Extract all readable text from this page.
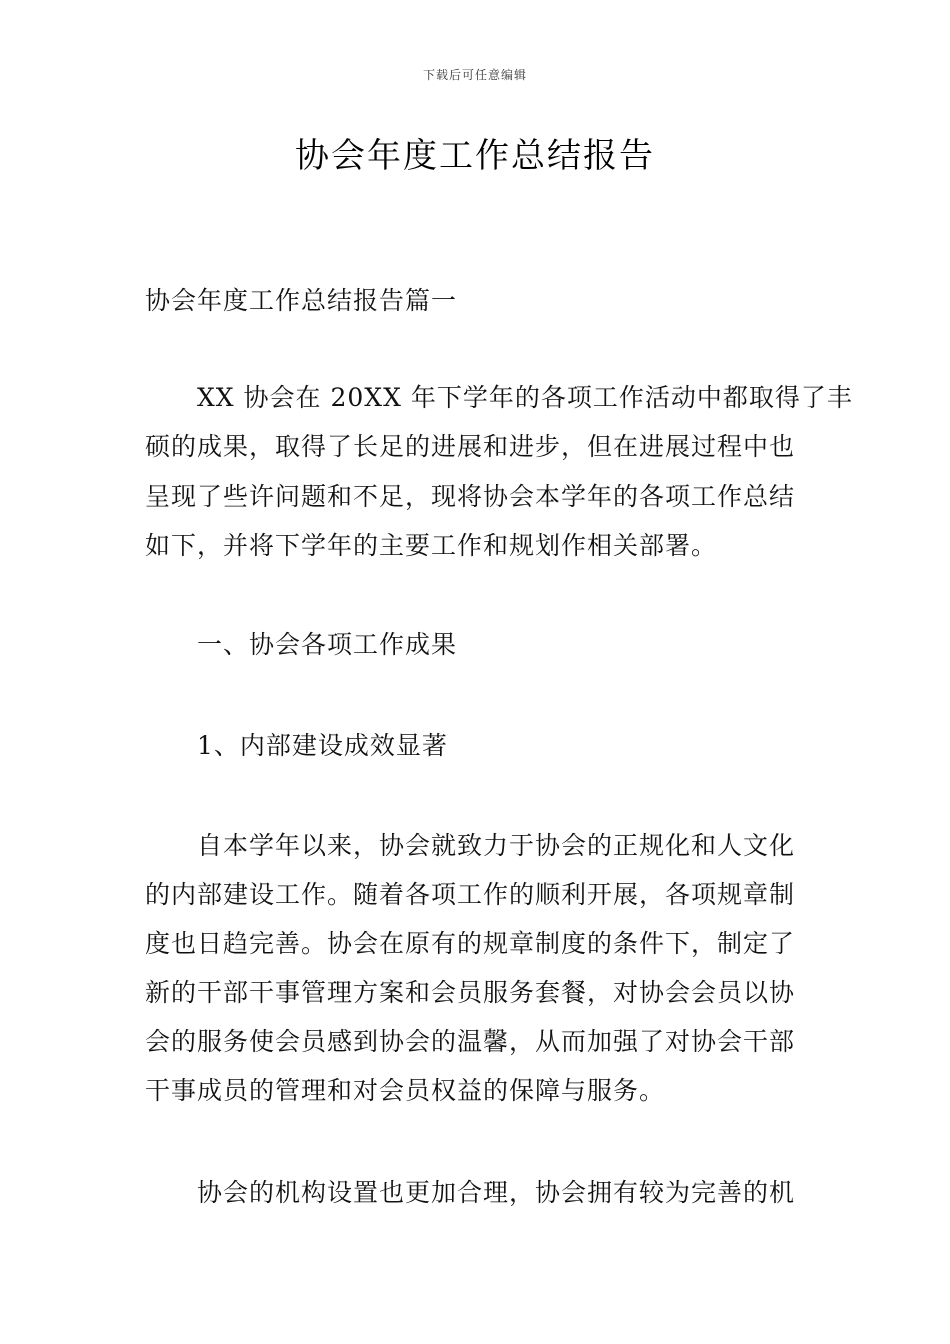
下载后可任意编辑
协会年度工作总结报告
协会年度工作总结报告篇一
XX 协会在 20XX 年下学年的各项工作活动中都取得了丰
硕的成果，取得了长足的进展和进步，但在进展过程中也
呈现了些许问题和不足，现将协会本学年的各项工作总结
如下，并将下学年的主要工作和规划作相关部署。
一、协会各项工作成果
1、内部建设成效显著
自本学年以来，协会就致力于协会的正规化和人文化
的内部建设工作。随着各项工作的顺利开展，各项规章制
度也日趋完善。协会在原有的规章制度的条件下，制定了
新的干部干事管理方案和会员服务套餐，对协会会员以协
会的服务使会员感到协会的温馨，从而加强了对协会干部
干事成员的管理和对会员权益的保障与服务。
协会的机构设置也更加合理，协会拥有较为完善的机
